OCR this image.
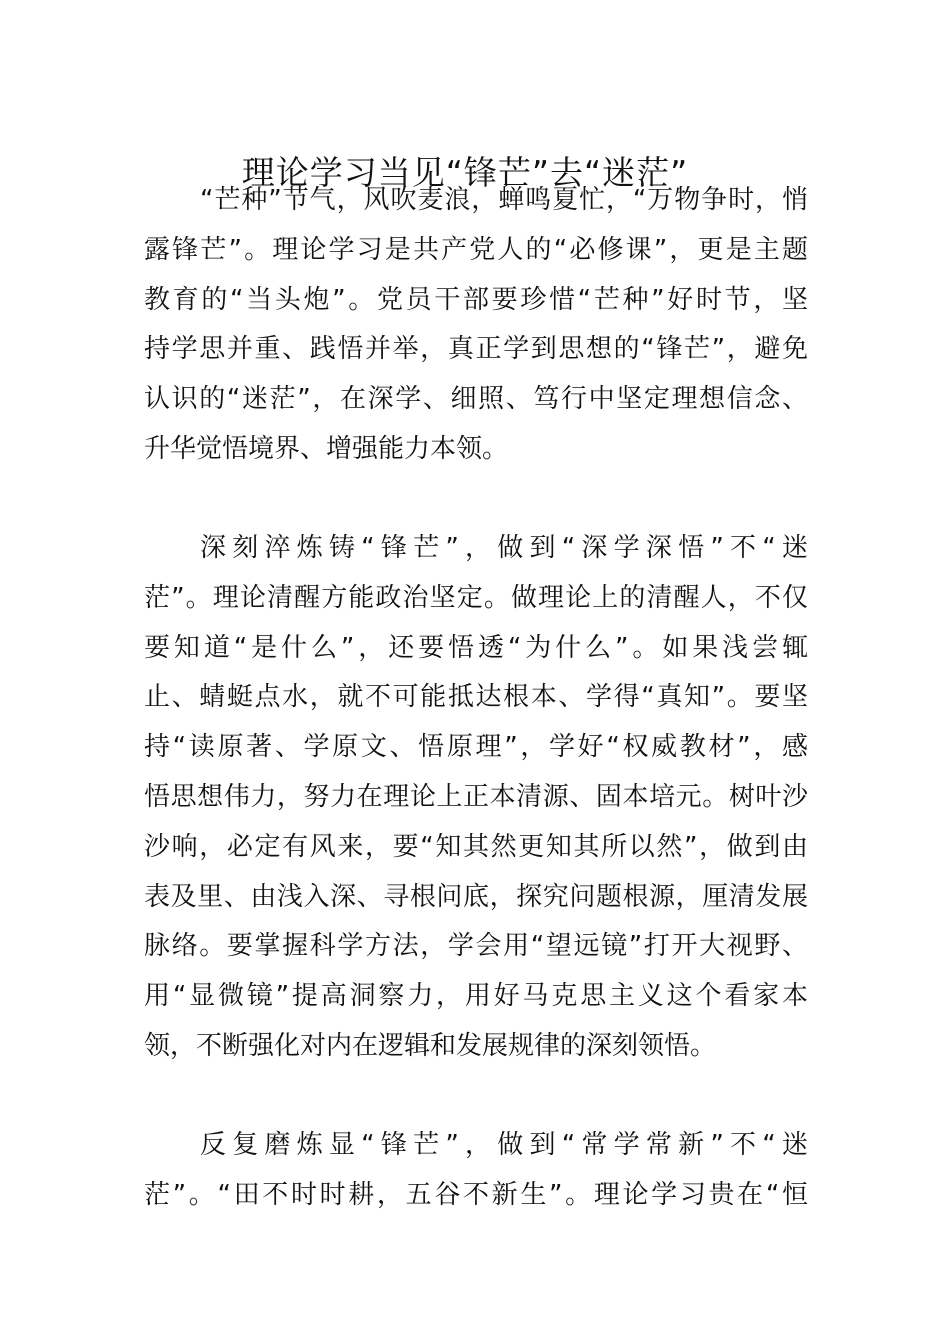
理论学习当见“锋芒”去“迷茫”
“芒种”节气，风吹麦浪，蝉鸣夏忙，“万物争时，悄
露锋芒”。理论学习是共产党人的“必修课”，更是主题
教育的“当头炮”。党员干部要珍惜“芒种”好时节，坚
持学思并重、践悟并举，真正学到思想的“锋芒”，避免
认识的“迷茫”，在深学、细照、笃行中坚定理想信念、
升华觉悟境界、增强能力本领。
深刻淬炼铸“锋芒”，做到“深学深悟”不“迷
茫”。理论清醒方能政治坚定。做理论上的清醒人，不仅
要知道“是什么”，还要悟透“为什么”。如果浅尝辄
止、蜻蜓点水，就不可能抵达根本、学得“真知”。要坚
持“读原著、学原文、悟原理”，学好“权威教材”，感
悟思想伟力，努力在理论上正本清源、固本培元。树叶沙
沙响，必定有风来，要“知其然更知其所以然”，做到由
表及里、由浅入深、寻根问底，探究问题根源，厘清发展
脉络。要掌握科学方法，学会用“望远镜”打开大视野、
用“显微镜”提高洞察力，用好马克思主义这个看家本
领，不断强化对内在逻辑和发展规律的深刻领悟。
反复磨炼显“锋芒”，做到“常学常新”不“迷
茫”。“田不时时耕，五谷不新生”。理论学习贵在“恒
